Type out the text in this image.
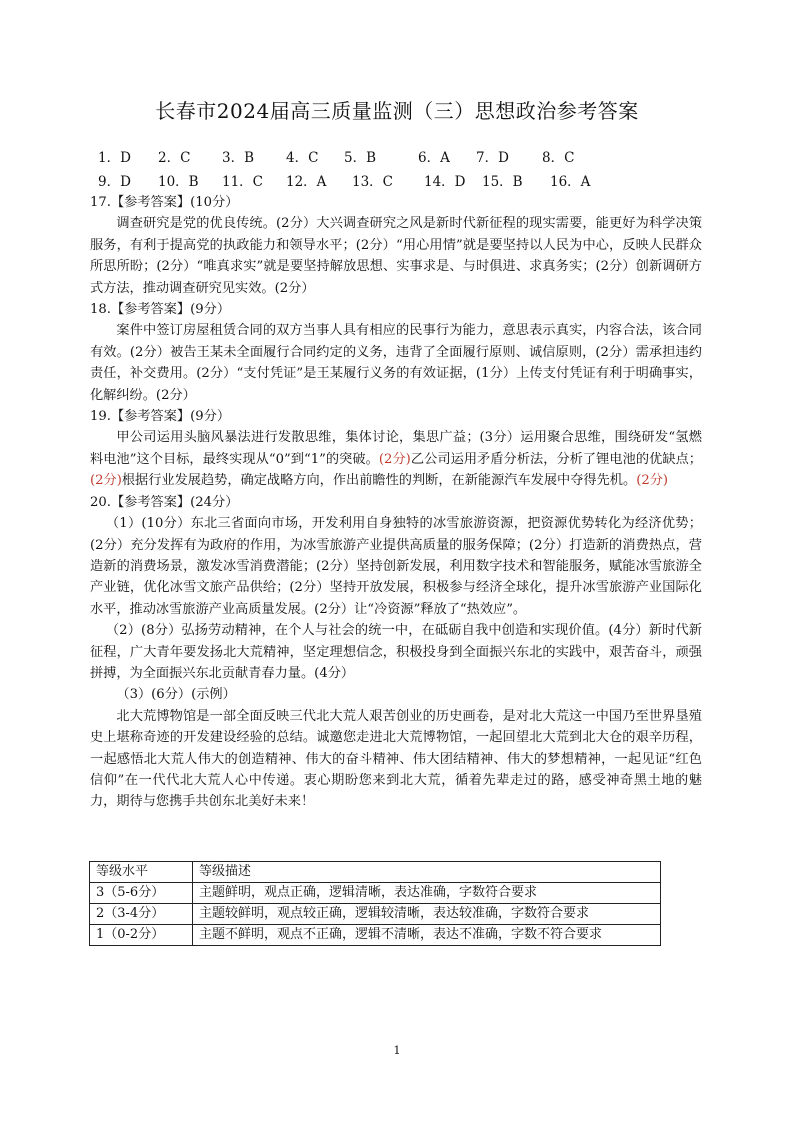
长春市2024届高三质量监测（三）思想政治参考答案
1．D 2．C 3．B 4．C 5．B	6．A 7．D 8．C
9．D 10．B 11．C 12．A 13．C 14．D 15．B 16．A

17.【参考答案】(10分）

调查研究是党的优良传统。(2分）大兴调查研究之风是新时代新征程的现实需要，能更好为科学决策服务，有利于提高党的执政能力和领导水平；(2分）“用心用情”就是要坚持以人民为中心，反映人民群众所思所盼；(2分）“唯真求实”就是要坚持解放思想、实事求是、与时俱进、求真务实；(2分）创新调研方式方法，推动调查研究见实效。(2分）

18.【参考答案】(9分）

案件中签订房屋租赁合同的双方当事人具有相应的民事行为能力，意思表示真实，内容合法，该合同有效。(2分）被告王某未全面履行合同约定的义务，违背了全面履行原则、诚信原则，(2分）需承担违约责任，补交费用。(2分）“支付凭证”是王某履行义务的有效证据，(1分）上传支付凭证有利于明确事实，化解纠纷。(2分）

19.【参考答案】(9分）

甲公司运用头脑风暴法进行发散思维，集体讨论，集思广益；(3分）运用聚合思维，围绕研发“氢燃料电池”这个目标，最终实现从“0”到“1”的突破。(2分)乙公司运用矛盾分析法，分析了锂电池的优缺点；(2分)根据行业发展趋势，确定战略方向，作出前瞻性的判断，在新能源汽车发展中夺得先机。(2分)

20.【参考答案】(24分）

（1）(10分）东北三省面向市场，开发利用自身独特的冰雪旅游资源，把资源优势转化为经济优势；(2分）充分发挥有为政府的作用，为冰雪旅游产业提供高质量的服务保障；(2分）打造新的消费热点，营造新的消费场景，激发冰雪消费潜能；(2分）坚持创新发展，利用数字技术和智能服务，赋能冰雪旅游全产业链，优化冰雪文旅产品供给；(2分）坚持开放发展，积极参与经济全球化，提升冰雪旅游产业国际化水平，推动冰雪旅游产业高质量发展。(2分）让“冷资源”释放了“热效应”。

（2）(8分）弘扬劳动精神，在个人与社会的统一中，在砥砺自我中创造和实现价值。(4分）新时代新征程，广大青年要发扬北大荒精神，坚定理想信念，积极投身到全面振兴东北的实践中，艰苦奋斗，顽强拼搏，为全面振兴东北贡献青春力量。(4分）

（3）(6分）(示例）

北大荒博物馆是一部全面反映三代北大荒人艰苦创业的历史画卷，是对北大荒这一中国乃至世界垦殖史上堪称奇迹的开发建设经验的总结。诚邀您走进北大荒博物馆，一起回望北大荒到北大仓的艰辛历程，一起感悟北大荒人伟大的创造精神、伟大的奋斗精神、伟大团结精神、伟大的梦想精神，一起见证“红色信仰”在一代代北大荒人心中传递。衷心期盼您来到北大荒，循着先辈走过的路，感受神奇黑土地的魅力，期待与您携手共创东北美好未来！

等级水平	等级描述
3（5-6分）	主题鲜明，观点正确，逻辑清晰，表达准确，字数符合要求
2（3-4分）	主题较鲜明，观点较正确，逻辑较清晰，表达较准确，字数符合要求
1（0-2分）	主题不鲜明，观点不正确，逻辑不清晰，表达不准确，字数不符合要求
1
